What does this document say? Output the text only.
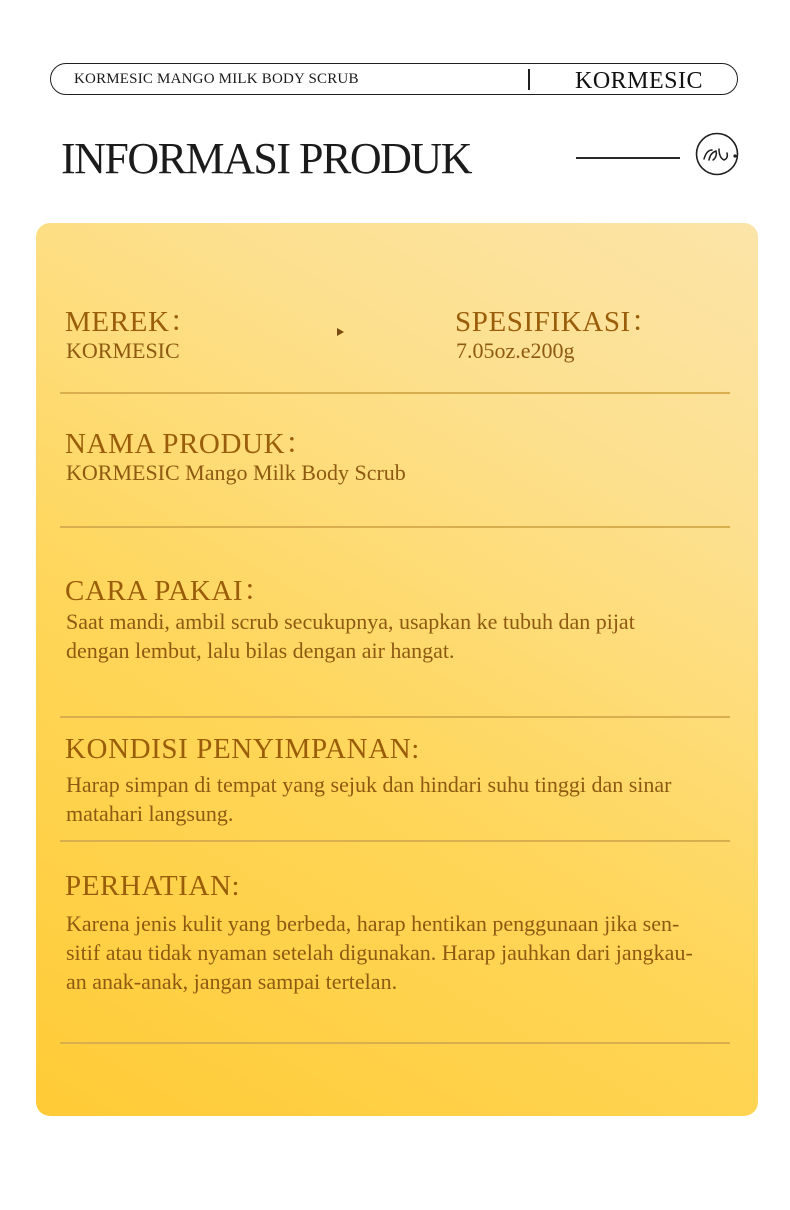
KORMESIC MANGO MILK BODY SCRUB	KORMESIC
INFORMASI PRODUK
MEREK：
KORMESIC
SPESIFIKASI：
7.05oz.e200g
NAMA PRODUK：
KORMESIC Mango Milk Body Scrub
CARA PAKAI：
Saat mandi, ambil scrub secukupnya, usapkan ke tubuh dan pijat
dengan lembut, lalu bilas dengan air hangat.
KONDISI PENYIMPANAN:
Harap simpan di tempat yang sejuk dan hindari suhu tinggi dan sinar
matahari langsung.
PERHATIAN:
Karena jenis kulit yang berbeda, harap hentikan penggunaan jika sen-
sitif atau tidak nyaman setelah digunakan. Harap jauhkan dari jangkau-
an anak-anak, jangan sampai tertelan.
